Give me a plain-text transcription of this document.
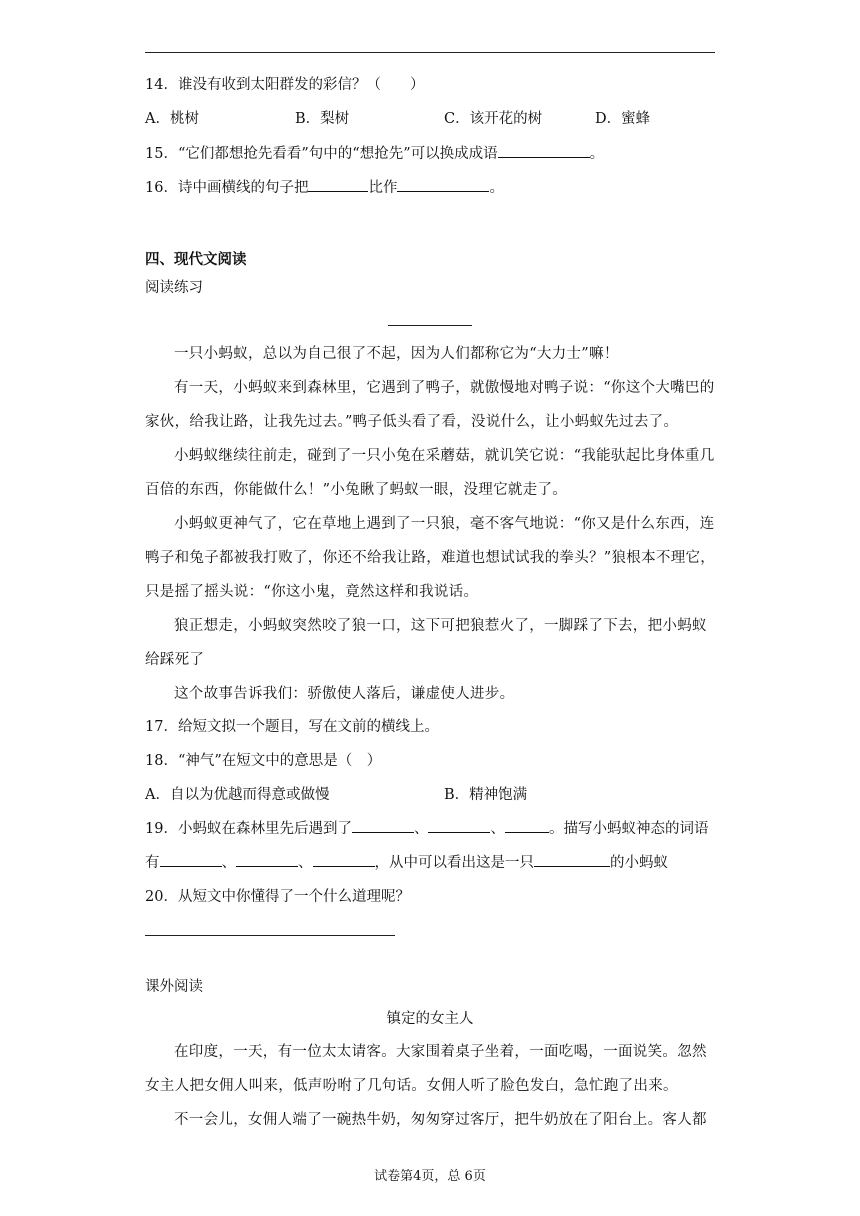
14．谁没有收到太阳群发的彩信？（　　）
A．桃树	B．梨树	C．该开花的树	D．蜜蜂
15．“它们都想抢先看看”句中的“想抢先”可以换成成语	。
16．诗中画横线的句子把	比作	。
四、现代文阅读
阅读练习
一只小蚂蚁，总以为自己很了不起，因为人们都称它为“大力士”嘛！
有一天，小蚂蚁来到森林里，它遇到了鸭子，就傲慢地对鸭子说：“你这个大嘴巴的家伙，给我让路，让我先过去。”鸭子低头看了看，没说什么，让小蚂蚁先过去了。
小蚂蚁继续往前走，碰到了一只小兔在采蘑菇，就讥笑它说：“我能驮起比身体重几百倍的东西，你能做什么！”小兔瞅了蚂蚁一眼，没理它就走了。
小蚂蚁更神气了，它在草地上遇到了一只狼，毫不客气地说：“你又是什么东西，连鸭子和兔子都被我打败了，你还不给我让路，难道也想试试我的拳头？”狼根本不理它，只是摇了摇头说：“你这小鬼，竟然这样和我说话。
狼正想走，小蚂蚁突然咬了狼一口，这下可把狼惹火了，一脚踩了下去，把小蚂蚁给踩死了
这个故事告诉我们：骄傲使人落后，谦虚使人进步。
17．给短文拟一个题目，写在文前的横线上。
18．“神气”在短文中的意思是（　）
A．自以为优越而得意或做慢	B．精神饱满
19．小蚂蚁在森林里先后遇到了	、	、	。描写小蚂蚁神态的词语
有	、	、	，从中可以看出这是一只	的小蚂蚁
20．从短文中你懂得了一个什么道理呢？
课外阅读
镇定的女主人
在印度，一天，有一位太太请客。大家围着桌子坐着，一面吃喝，一面说笑。忽然女主人把女佣人叫来，低声吩咐了几句话。女佣人听了脸色发白，急忙跑了出来。
不一会儿，女佣人端了一碗热牛奶，匆匆穿过客厅，把牛奶放在了阳台上。客人都
试卷第4页，总 6页
